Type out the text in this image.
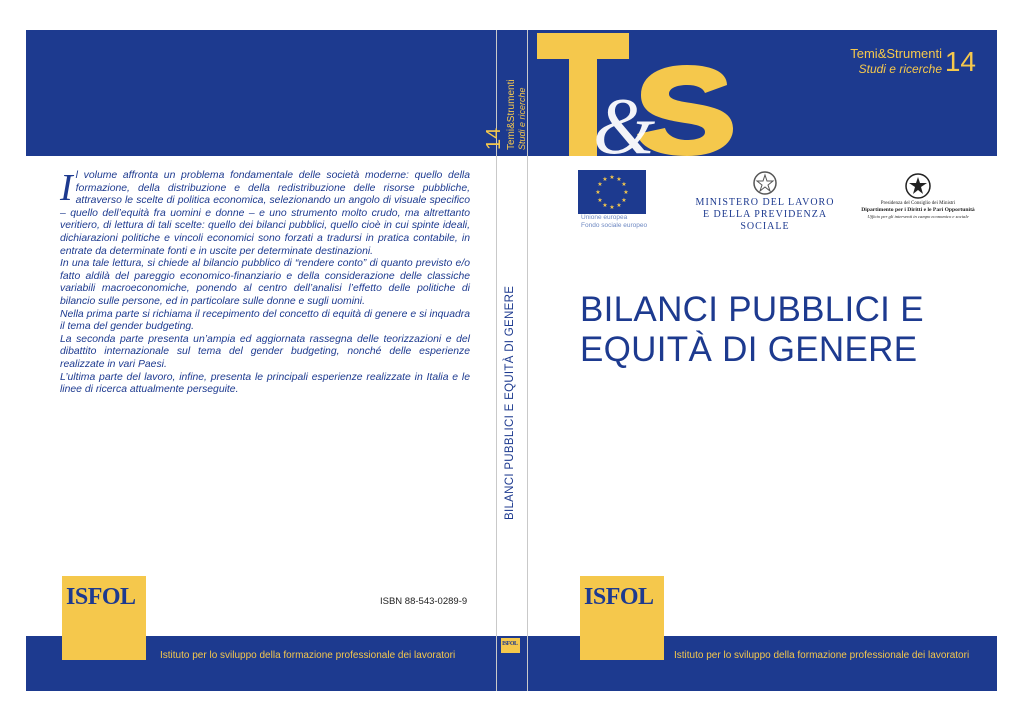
&
14 Temi&Strumenti Studi e ricerche
Temi&Strumenti
Studi e ricerche 14
I l volume affronta un problema fondamentale delle società moderne: quello della formazione, della distribuzione e della redistribuzione delle risorse pubbliche, attraverso le scelte di politica economica, selezionando un angolo di visuale specifico – quello dell’equità fra uomini e donne – e uno strumento molto crudo, ma altrettanto veritiero, di lettura di tali scelte: quello dei bilanci pubblici, quello cioè in cui spinte ideali, dichiarazioni politiche e vincoli economici sono forzati a tradursi in pratica contabile, in entrate da determinate fonti e in uscite per determinate destinazioni.

In una tale lettura, si chiede al bilancio pubblico di “rendere conto” di quanto previsto e/o fatto aldilà del pareggio economico-finanziario e della considerazione delle classiche variabili macroeconomiche, ponendo al centro dell’analisi l’effetto delle politiche di bilancio sulle persone, ed in particolare sulle donne e sugli uomini.

Nella prima parte si richiama il recepimento del concetto di equità di genere e si inquadra il tema del gender budgeting.

La seconda parte presenta un’ampia ed aggiornata rassegna delle teorizzazioni e del dibattito internazionale sul tema del gender budgeting, nonché delle esperienze realizzate in vari Paesi.

L’ultima parte del lavoro, infine, presenta le principali esperienze realizzate in Italia e le linee di ricerca attualmente perseguite.	BILANCI PUBBLICI E EQUITÀ DI GENERE
★ ★
★
★
★
★
★
★
★
★
★
★
Unione europea
Fondo sociale europeo
MINISTERO DEL LAVORO
E DELLA PREVIDENZA SOCIALE
Presidenza del Consiglio dei Ministri
Dipartimento per i Diritti e le Pari Opportunità
Ufficio per gli interventi in campo economico e sociale
BILANCI PUBBLICI E
EQUITÀ DI GENERE
ISFOL	ISFOL
ISFOL
ISBN 88-543-0289-9
Istituto per lo sviluppo della formazione professionale dei lavoratori	Istituto per lo sviluppo della formazione professionale dei lavoratori
